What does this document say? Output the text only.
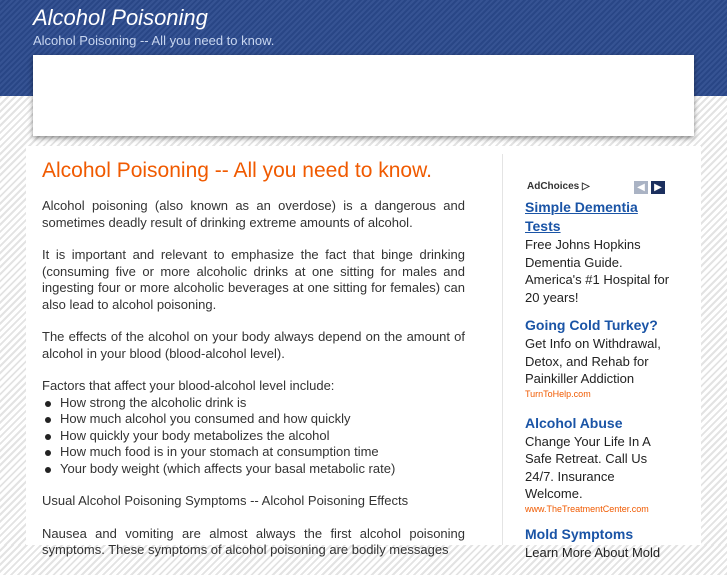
Alcohol Poisoning
Alcohol Poisoning -- All you need to know.
Alcohol Poisoning -- All you need to know.

Alcohol poisoning (also known as an overdose) is a dangerous and sometimes deadly result of drinking extreme amounts of alcohol.

It is important and relevant to emphasize the fact that binge drinking (consuming five or more alcoholic drinks at one sitting for males and ingesting four or more alcoholic beverages at one sitting for females) can also lead to alcohol poisoning.

The effects of the alcohol on your body always depend on the amount of alcohol in your blood (blood-alcohol level).

Factors that affect your blood-alcohol level include:
How strong the alcoholic drink is
How much alcohol you consumed and how quickly
How quickly your body metabolizes the alcohol
How much food is in your stomach at consumption time
Your body weight (which affects your basal metabolic rate)

Usual Alcohol Poisoning Symptoms -- Alcohol Poisoning Effects

Nausea and vomiting are almost always the first alcohol poisoning symptoms. These symptoms of alcohol poisoning are bodily messages

AdChoices ▷	◀ ▶
Simple Dementia Tests
Free Johns Hopkins Dementia Guide. America's #1 Hospital for 20 years!
Going Cold Turkey?
Get Info on Withdrawal, Detox, and Rehab for Painkiller Addiction
TurnToHelp.com
Alcohol Abuse
Change Your Life In A Safe Retreat. Call Us 24/7. Insurance Welcome.
www.TheTreatmentCenter.com
Mold Symptoms
Learn More About Mold
